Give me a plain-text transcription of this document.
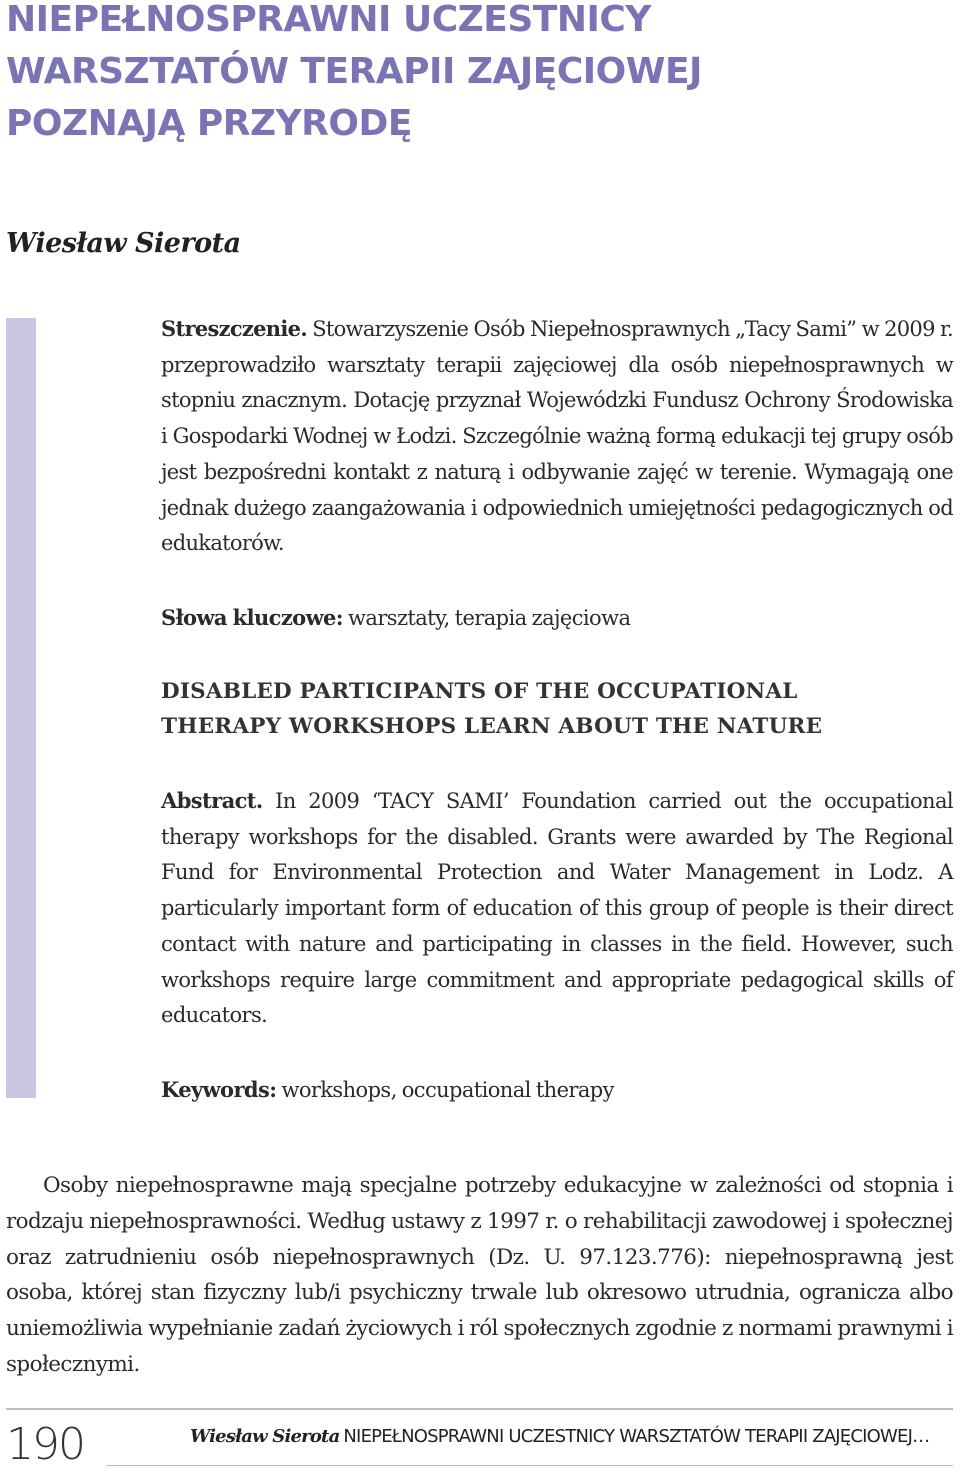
NIEPEŁNOSPRAWNI UCZESTNICY
WARSZTATÓW TERAPII ZAJĘCIOWEJ
POZNAJĄ PRZYRODĘ
Wiesław Sierota

Streszczenie. Stowarzyszenie Osób Niepełnosprawnych „Tacy Sami” w 2009 r. przeprowadziło warsztaty terapii zajęciowej dla osób niepełnosprawnych w stopniu znacznym. Dotację przyznał Wojewódzki Fundusz Ochrony Środowiska i Gospodarki Wodnej w Łodzi. Szczególnie ważną formą edukacji tej grupy osób jest bezpośredni kontakt z naturą i odbywanie zajęć w terenie. Wymagają one jednak dużego zaangażowania i odpowiednich umiejętności pedagogicznych od edukatorów.

Słowa kluczowe: warsztaty, terapia zajęciowa
DISABLED PARTICIPANTS OF THE OCCUPATIONAL
THERAPY WORKSHOPS LEARN ABOUT THE NATURE

Abstract. In 2009 ‘TACY SAMI’ Foundation carried out the occupational therapy workshops for the disabled. Grants were awarded by The Regional Fund for Environmental Protection and Water Management in Lodz. A particularly important form of education of this group of people is their direct contact with nature and participating in classes in the field. However, such workshops require large commitment and appropriate pedagogical skills of educators.

Keywords: workshops, occupational therapy

Osoby niepełnosprawne mają specjalne potrzeby edukacyjne w zależności od stopnia i rodzaju niepełnosprawności. Według ustawy z 1997 r. o rehabilitacji zawodowej i społecznej oraz zatrudnieniu osób niepełnosprawnych (Dz. U. 97.123.776): niepełnosprawną jest osoba, której stan fizyczny lub/i psychiczny trwale lub okresowo utrudnia, ogranicza albo uniemożliwia wypełnianie zadań życiowych i ról społecznych zgodnie z normami prawnymi i społecznymi.

190	Wiesław Sierota NIEPEŁNOSPRAWNI UCZESTNICY WARSZTATÓW TERAPII ZAJĘCIOWEJ…
